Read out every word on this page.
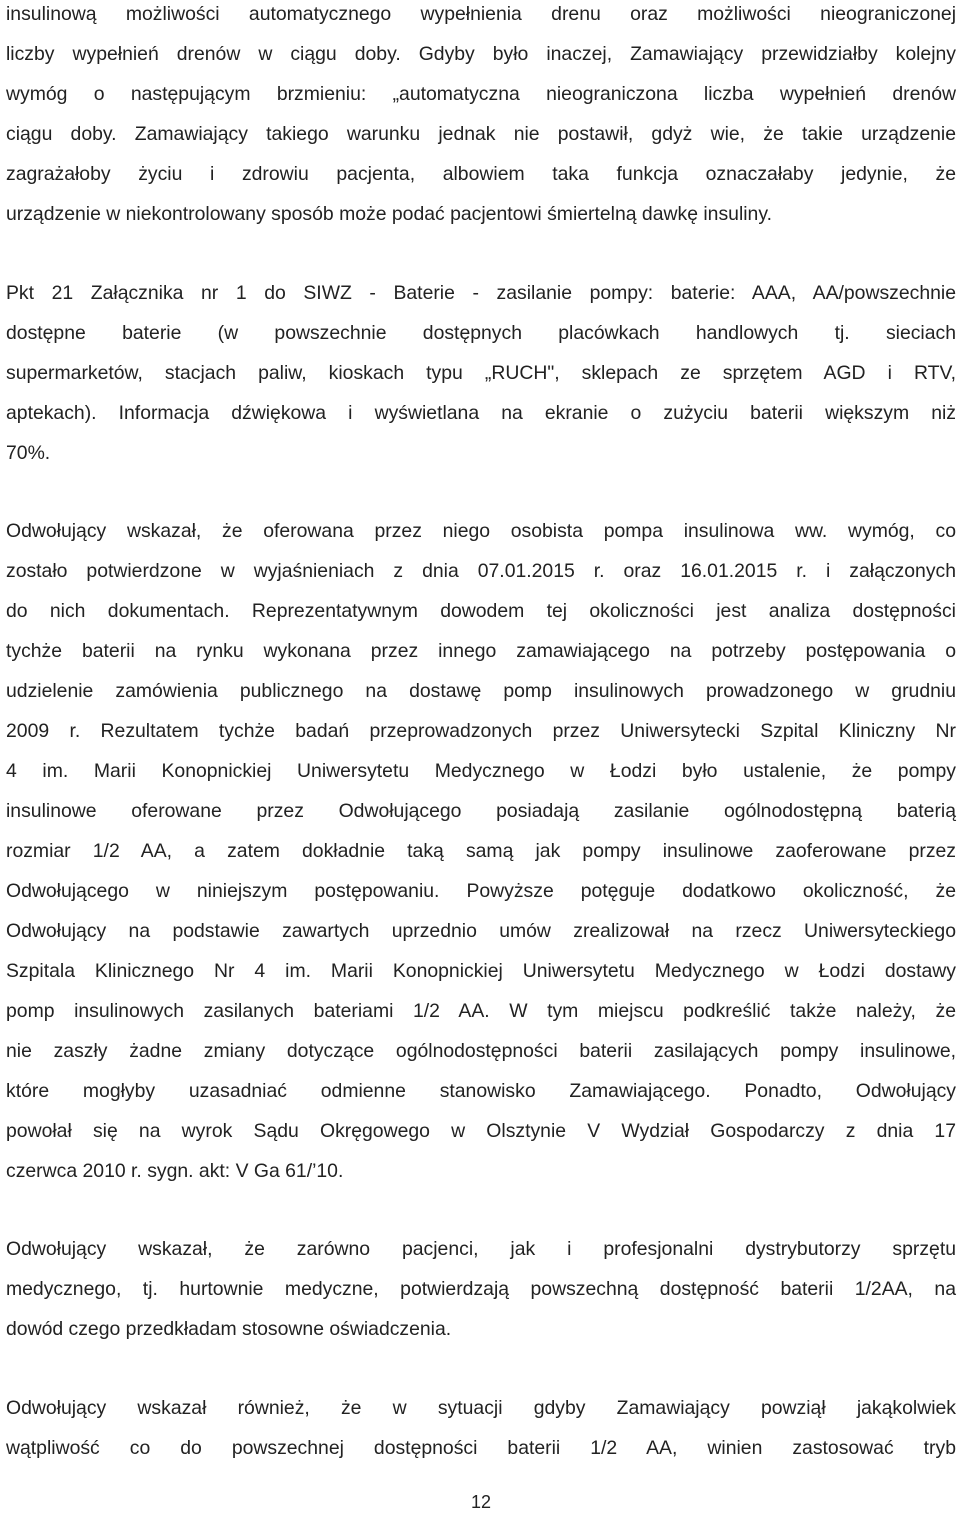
insulinową możliwości automatycznego wypełnienia drenu oraz możliwości nieograniczonej
liczby wypełnień drenów w ciągu doby. Gdyby było inaczej, Zamawiający przewidziałby kolejny
wymóg o następującym brzmieniu: „automatyczna nieograniczona liczba wypełnień drenów
ciągu doby. Zamawiający takiego warunku jednak nie postawił, gdyż wie, że takie urządzenie
zagrażałoby życiu i zdrowiu pacjenta, albowiem taka funkcja oznaczałaby jedynie, że
urządzenie w niekontrolowany sposób może podać pacjentowi śmiertelną dawkę insuliny.

Pkt 21 Załącznika nr 1 do SIWZ - Baterie - zasilanie pompy: baterie: AAA, AA/powszechnie
dostępne baterie (w powszechnie dostępnych placówkach handlowych tj. sieciach
supermarketów, stacjach paliw, kioskach typu „RUCH", sklepach ze sprzętem AGD i RTV,
aptekach). Informacja dźwiękowa i wyświetlana na ekranie o zużyciu baterii większym niż
70%.

Odwołujący wskazał, że oferowana przez niego osobista pompa insulinowa ww. wymóg, co
zostało potwierdzone w wyjaśnieniach z dnia 07.01.2015 r. oraz 16.01.2015 r. i załączonych
do nich dokumentach. Reprezentatywnym dowodem tej okoliczności jest analiza dostępności
tychże baterii na rynku wykonana przez innego zamawiającego na potrzeby postępowania o
udzielenie zamówienia publicznego na dostawę pomp insulinowych prowadzonego w grudniu
2009 r. Rezultatem tychże badań przeprowadzonych przez Uniwersytecki Szpital Kliniczny Nr
4 im. Marii Konopnickiej Uniwersytetu Medycznego w Łodzi było ustalenie, że pompy
insulinowe oferowane przez Odwołującego posiadają zasilanie ogólnodostępną baterią
rozmiar 1/2 AA, a zatem dokładnie taką samą jak pompy insulinowe zaoferowane przez
Odwołującego w niniejszym postępowaniu. Powyższe potęguje dodatkowo okoliczność, że
Odwołujący na podstawie zawartych uprzednio umów zrealizował na rzecz Uniwersyteckiego
Szpitala Klinicznego Nr 4 im. Marii Konopnickiej Uniwersytetu Medycznego w Łodzi dostawy
pomp insulinowych zasilanych bateriami 1/2 AA. W tym miejscu podkreślić także należy, że
nie zaszły żadne zmiany dotyczące ogólnodostępności baterii zasilających pompy insulinowe,
które mogłyby uzasadniać odmienne stanowisko Zamawiającego. Ponadto, Odwołujący
powołał się na wyrok Sądu Okręgowego w Olsztynie V Wydział Gospodarczy z dnia 17
czerwca 2010 r. sygn. akt: V Ga 61/’10.

Odwołujący wskazał, że zarówno pacjenci, jak i profesjonalni dystrybutorzy sprzętu
medycznego, tj. hurtownie medyczne, potwierdzają powszechną dostępność baterii 1/2AA, na
dowód czego przedkładam stosowne oświadczenia.

Odwołujący wskazał również, że w sytuacji gdyby Zamawiający powziął jakąkolwiek
wątpliwość co do powszechnej dostępności baterii 1/2 AA, winien zastosować tryb

12
